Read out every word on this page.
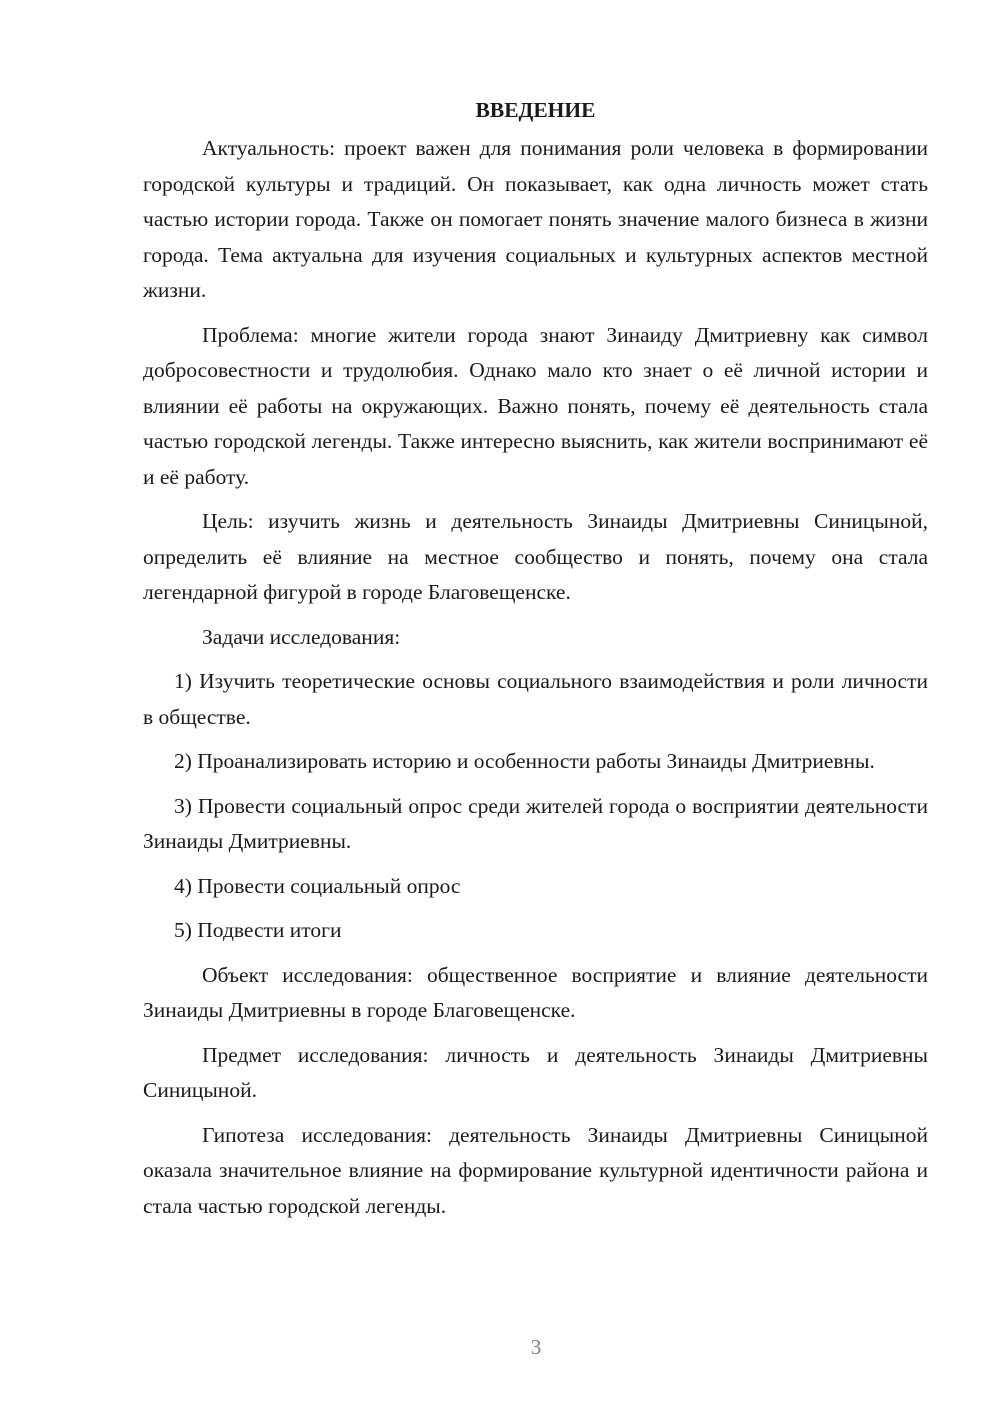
ВВЕДЕНИЕ

Актуальность: проект важен для понимания роли человека в формировании городской культуры и традиций. Он показывает, как одна личность может стать частью истории города. Также он помогает понять значение малого бизнеса в жизни города. Тема актуальна для изучения социальных и культурных аспектов местной жизни.

Проблема: многие жители города знают Зинаиду Дмитриевну как символ добросовестности и трудолюбия. Однако мало кто знает о её личной истории и влиянии её работы на окружающих. Важно понять, почему её деятельность стала частью городской легенды. Также интересно выяснить, как жители воспринимают её и её работу.

Цель: изучить жизнь и деятельность Зинаиды Дмитриевны Синицыной, определить её влияние на местное сообщество и понять, почему она стала легендарной фигурой в городе Благовещенске.

Задачи исследования:

1) Изучить теоретические основы социального взаимодействия и роли личности в обществе.

2) Проанализировать историю и особенности работы Зинаиды Дмитриевны.

3) Провести социальный опрос среди жителей города о восприятии деятельности Зинаиды Дмитриевны.

4) Провести социальный опрос

5) Подвести итоги

Объект исследования: общественное восприятие и влияние деятельности Зинаиды Дмитриевны в городе Благовещенске.

Предмет исследования: личность и деятельность Зинаиды Дмитриевны Синицыной.

Гипотеза исследования: деятельность Зинаиды Дмитриевны Синицыной оказала значительное влияние на формирование культурной идентичности района и стала частью городской легенды.

3
